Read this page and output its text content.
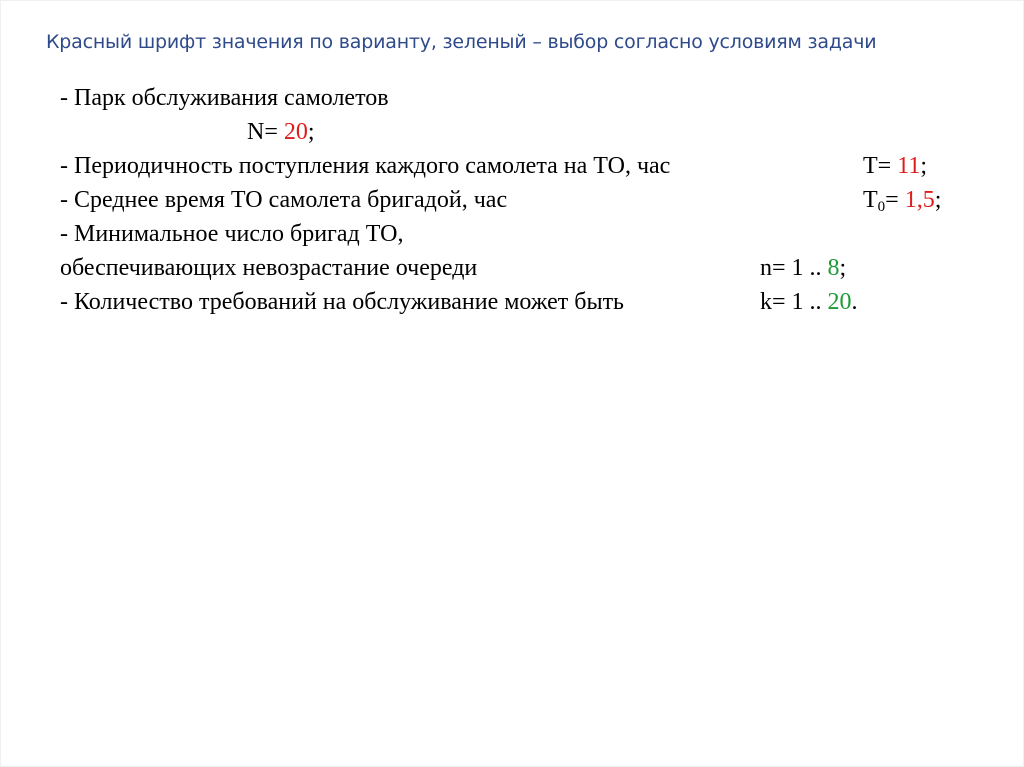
Красный шрифт значения по варианту, зеленый – выбор согласно условиям задачи
- Парк обслуживания самолетов
N= 20;
- Периодичность поступления каждого самолета на ТО, час	T= 11;
- Среднее время ТО самолета бригадой, час	$T_0= 1,5$;
- Минимальное число бригад ТО,
обеспечивающих невозрастание очереди	n= 1 .. 8;
- Количество требований на обслуживание может быть	k= 1 .. 20.
